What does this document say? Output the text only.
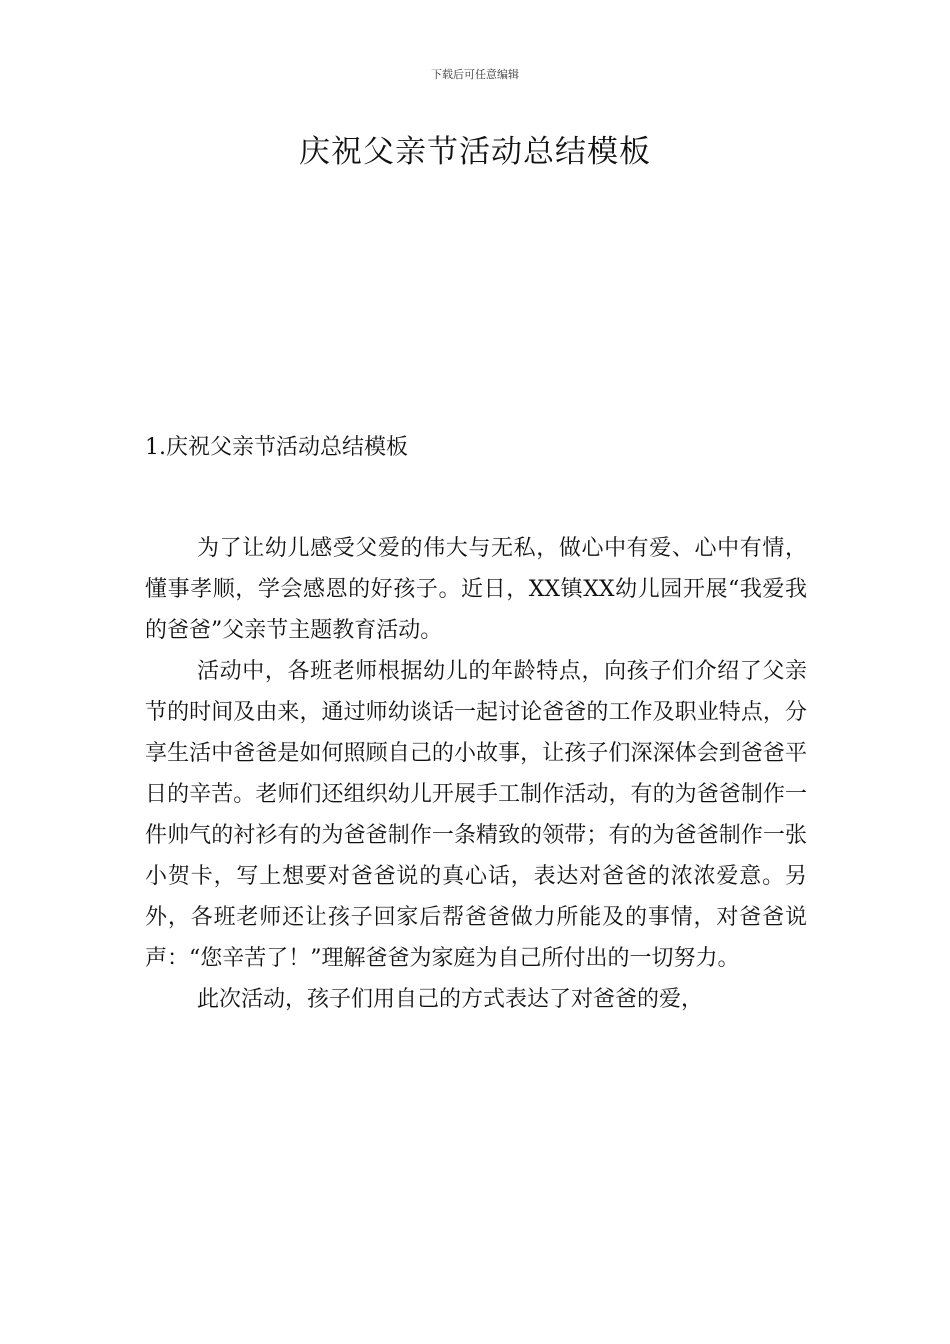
下载后可任意编辑
庆祝父亲节活动总结模板
1.庆祝父亲节活动总结模板

为了让幼儿感受父爱的伟大与无私，做心中有爱、心中有情，懂事孝顺，学会感恩的好孩子。近日，XX镇XX幼儿园开展“我爱我的爸爸”父亲节主题教育活动。

活动中，各班老师根据幼儿的年龄特点，向孩子们介绍了父亲节的时间及由来，通过师幼谈话一起讨论爸爸的工作及职业特点，分享生活中爸爸是如何照顾自己的小故事，让孩子们深深体会到爸爸平日的辛苦。老师们还组织幼儿开展手工制作活动，有的为爸爸制作一件帅气的衬衫有的为爸爸制作一条精致的领带；有的为爸爸制作一张小贺卡，写上想要对爸爸说的真心话，表达对爸爸的浓浓爱意。另外，各班老师还让孩子回家后帮爸爸做力所能及的事情，对爸爸说声：“您辛苦了！”理解爸爸为家庭为自己所付出的一切努力。

此次活动，孩子们用自己的方式表达了对爸爸的爱，
